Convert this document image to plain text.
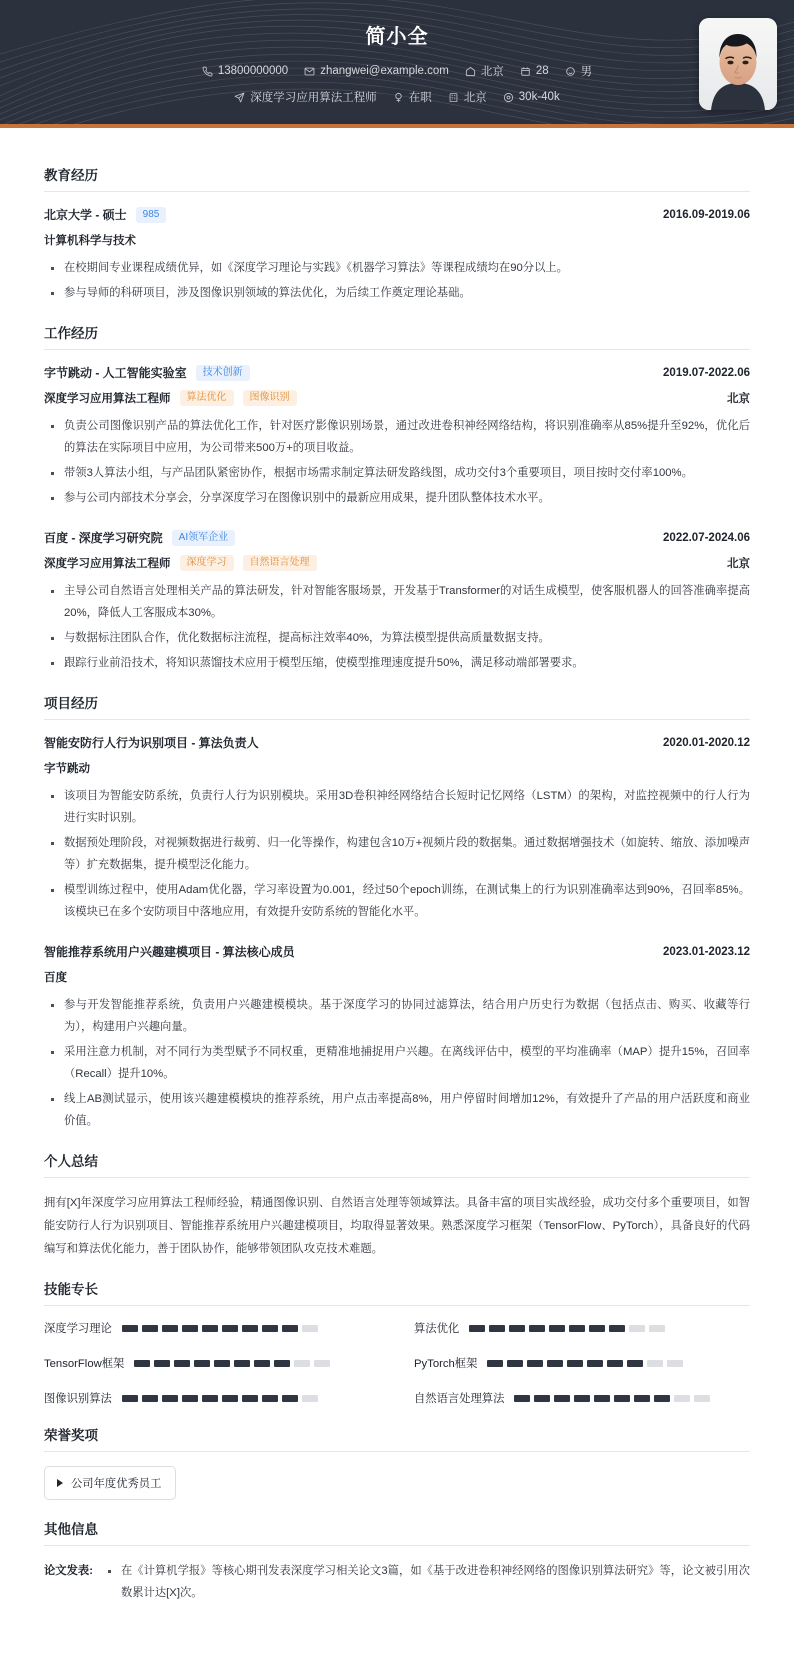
简小全
13800000000	zhangwei@example.com	北京	28	男
深度学习应用算法工程师	在职	北京	30k-40k
教育经历
北京大学 - 硕士	985	2016.09-2019.06
计算机科学与技术
在校期间专业课程成绩优异，如《深度学习理论与实践》《机器学习算法》等课程成绩均在90分以上。
参与导师的科研项目，涉及图像识别领域的算法优化，为后续工作奠定理论基础。
工作经历
字节跳动 - 人工智能实验室	技术创新	2019.07-2022.06
深度学习应用算法工程师	算法优化	图像识别	北京
负责公司图像识别产品的算法优化工作，针对医疗影像识别场景，通过改进卷积神经网络结构，将识别准确率从85%提升至92%，优化后的算法在实际项目中应用，为公司带来500万+的项目收益。
带领3人算法小组，与产品团队紧密协作，根据市场需求制定算法研发路线图，成功交付3个重要项目，项目按时交付率100%。
参与公司内部技术分享会，分享深度学习在图像识别中的最新应用成果，提升团队整体技术水平。
百度 - 深度学习研究院	AI领军企业	2022.07-2024.06
深度学习应用算法工程师	深度学习	自然语言处理	北京
主导公司自然语言处理相关产品的算法研发，针对智能客服场景，开发基于Transformer的对话生成模型，使客服机器人的回答准确率提高20%，降低人工客服成本30%。
与数据标注团队合作，优化数据标注流程，提高标注效率40%，为算法模型提供高质量数据支持。
跟踪行业前沿技术，将知识蒸馏技术应用于模型压缩，使模型推理速度提升50%，满足移动端部署要求。
项目经历
智能安防行人行为识别项目 - 算法负责人	2020.01-2020.12
字节跳动
该项目为智能安防系统，负责行人行为识别模块。采用3D卷积神经网络结合长短时记忆网络（LSTM）的架构，对监控视频中的行人行为进行实时识别。
数据预处理阶段，对视频数据进行裁剪、归一化等操作，构建包含10万+视频片段的数据集。通过数据增强技术（如旋转、缩放、添加噪声等）扩充数据集，提升模型泛化能力。
模型训练过程中，使用Adam优化器，学习率设置为0.001，经过50个epoch训练，在测试集上的行为识别准确率达到90%，召回率85%。该模块已在多个安防项目中落地应用，有效提升安防系统的智能化水平。
智能推荐系统用户兴趣建模项目 - 算法核心成员	2023.01-2023.12
百度
参与开发智能推荐系统，负责用户兴趣建模模块。基于深度学习的协同过滤算法，结合用户历史行为数据（包括点击、购买、收藏等行为），构建用户兴趣向量。
采用注意力机制，对不同行为类型赋予不同权重，更精准地捕捉用户兴趣。在离线评估中，模型的平均准确率（MAP）提升15%，召回率（Recall）提升10%。
线上AB测试显示，使用该兴趣建模模块的推荐系统，用户点击率提高8%，用户停留时间增加12%，有效提升了产品的用户活跃度和商业价值。
个人总结
拥有[X]年深度学习应用算法工程师经验，精通图像识别、自然语言处理等领域算法。具备丰富的项目实战经验，成功交付多个重要项目，如智能安防行人行为识别项目、智能推荐系统用户兴趣建模项目，均取得显著效果。熟悉深度学习框架（TensorFlow、PyTorch），具备良好的代码编写和算法优化能力，善于团队协作，能够带领团队攻克技术难题。
技能专长
深度学习理论	算法优化
TensorFlow框架	PyTorch框架
图像识别算法	自然语言处理算法
荣誉奖项
公司年度优秀员工
其他信息
论文发表:	在《计算机学报》等核心期刊发表深度学习相关论文3篇，如《基于改进卷积神经网络的图像识别算法研究》等，论文被引用次数累计达[X]次。
